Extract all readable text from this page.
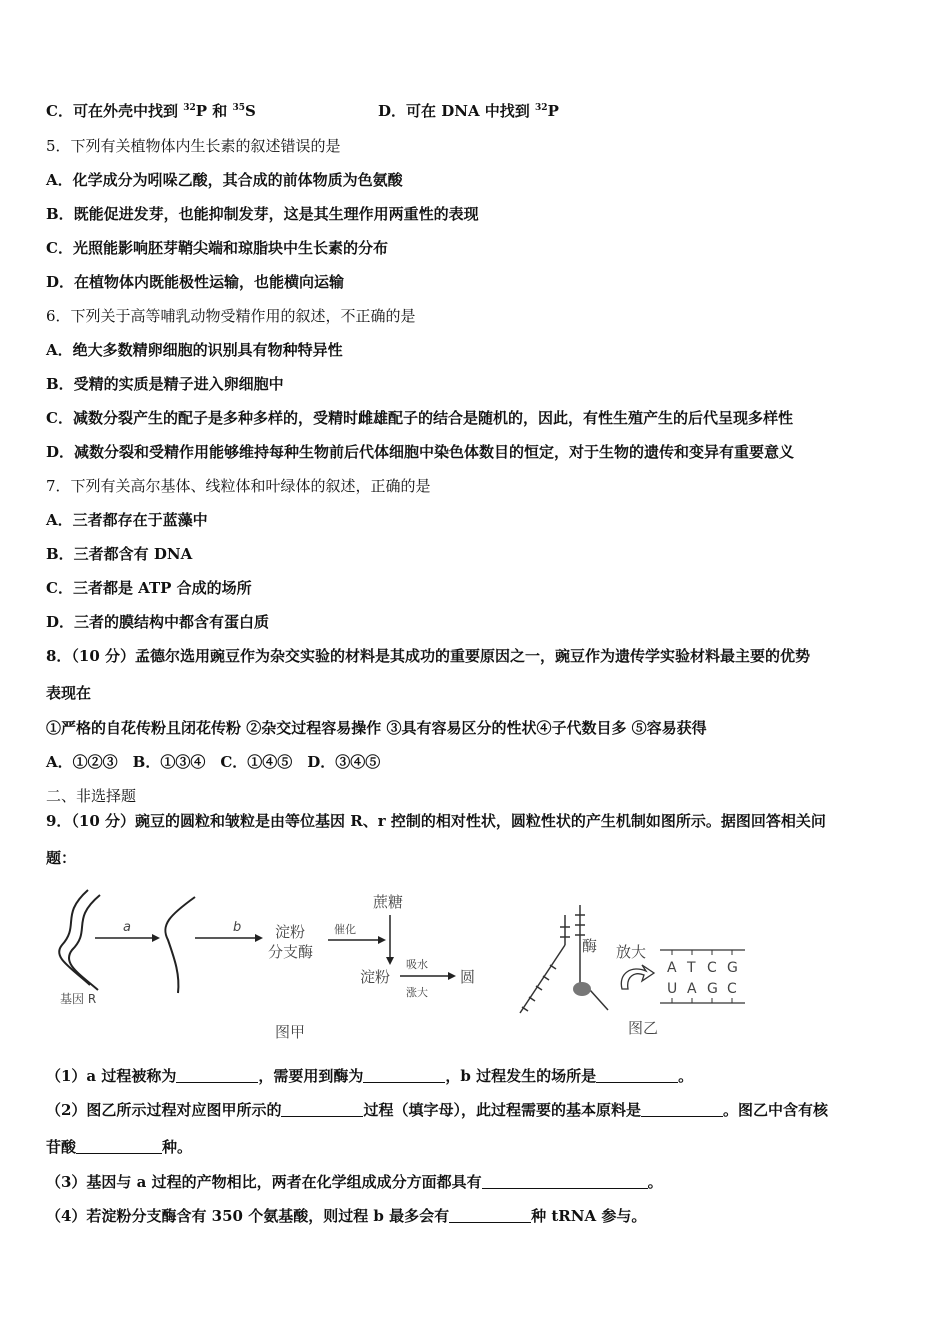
C．可在外壳中找到 $^{32}$P 和 $^{35}$S	D．可在 DNA 中找到 $^{32}$P
5．下列有关植物体内生长素的叙述错误的是
A．化学成分为吲哚乙酸，其合成的前体物质为色氨酸
B．既能促进发芽，也能抑制发芽，这是其生理作用两重性的表现
C．光照能影响胚芽鞘尖端和琼脂块中生长素的分布
D．在植物体内既能极性运输，也能横向运输
6．下列关于高等哺乳动物受精作用的叙述，不正确的是
A．绝大多数精卵细胞的识别具有物种特异性
B．受精的实质是精子进入卵细胞中
C．减数分裂产生的配子是多种多样的，受精时雌雄配子的结合是随机的，因此，有性生殖产生的后代呈现多样性
D．减数分裂和受精作用能够维持每种生物前后代体细胞中染色体数目的恒定，对于生物的遗传和变异有重要意义
7．下列有关高尔基体、线粒体和叶绿体的叙述，正确的是
A．三者都存在于蓝藻中
B．三者都含有 DNA
C．三者都是 ATP 合成的场所
D．三者的膜结构中都含有蛋白质
8．（10 分）孟德尔选用豌豆作为杂交实验的材料是其成功的重要原因之一，豌豆作为遗传学实验材料最主要的优势
表现在
①严格的自花传粉且闭花传粉 ②杂交过程容易操作 ③具有容易区分的性状④子代数目多 ⑤容易获得
A．①②③　B．①③④　C．①④⑤　D．③④⑤
二、非选择题
9．（10 分）豌豆的圆粒和皱粒是由等位基因 R、r 控制的相对性状，圆粒性状的产生机制如图所示。据图回答相关问
题：
基因 R
a	b 淀粉
分支酶
催化
蔗糖
淀粉
吸水
涨大
圆
图甲
酶 放大
A T C G
U A G C
图乙
（1）a 过程被称为	，需要用到酶为	，b 过程发生的场所是	。
（2）图乙所示过程对应图甲所示的	过程（填字母），此过程需要的基本原料是	。图乙中含有核
苷酸	种。
（3）基因与 a 过程的产物相比，两者在化学组成成分方面都具有	。
（4）若淀粉分支酶含有 350 个氨基酸，则过程 b 最多会有	种 tRNA 参与。
